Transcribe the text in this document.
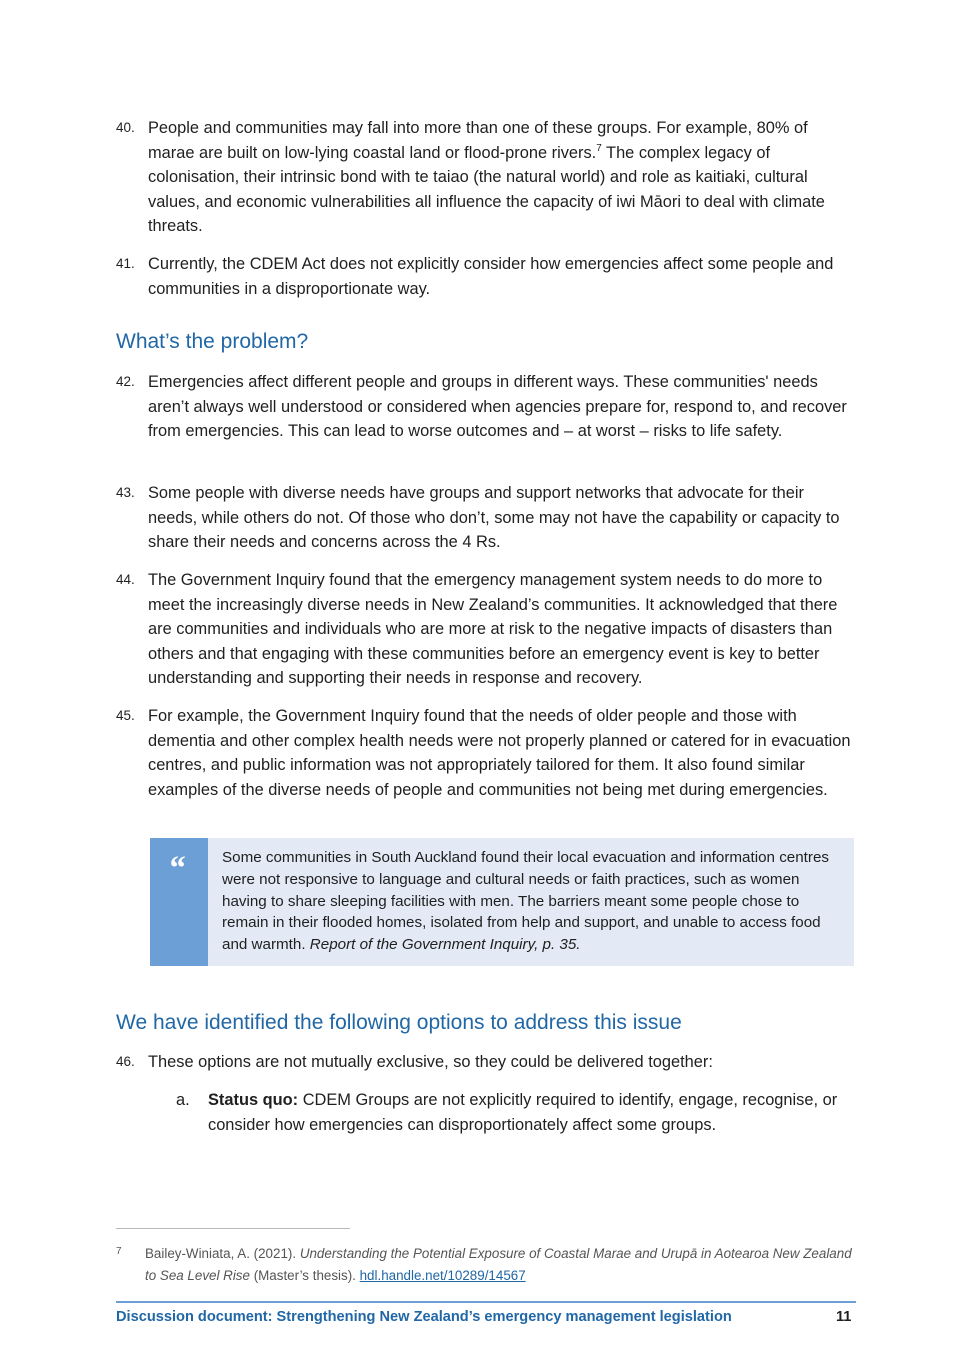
40. People and communities may fall into more than one of these groups. For example, 80% of marae are built on low-lying coastal land or flood-prone rivers.$^7$ The complex legacy of colonisation, their intrinsic bond with te taiao (the natural world) and role as kaitiaki, cultural values, and economic vulnerabilities all influence the capacity of iwi Māori to deal with climate threats.
41. Currently, the CDEM Act does not explicitly consider how emergencies affect some people and communities in a disproportionate way.
What’s the problem?
42. Emergencies affect different people and groups in different ways. These communities' needs aren’t always well understood or considered when agencies prepare for, respond to, and recover from emergencies. This can lead to worse outcomes and – at worst – risks to life safety.
43. Some people with diverse needs have groups and support networks that advocate for their needs, while others do not. Of those who don’t, some may not have the capability or capacity to share their needs and concerns across the 4 Rs.
44. The Government Inquiry found that the emergency management system needs to do more to meet the increasingly diverse needs in New Zealand’s communities. It acknowledged that there are communities and individuals who are more at risk to the negative impacts of disasters than others and that engaging with these communities before an emergency event is key to better understanding and supporting their needs in response and recovery.
45. For example, the Government Inquiry found that the needs of older people and those with dementia and other complex health needs were not properly planned or catered for in evacuation centres, and public information was not appropriately tailored for them. It also found similar examples of the diverse needs of people and communities not being met during emergencies.
“ Some communities in South Auckland found their local evacuation and information centres were not responsive to language and cultural needs or faith practices, such as women having to share sleeping facilities with men. The barriers meant some people chose to remain in their flooded homes, isolated from help and support, and unable to access food and warmth. Report of the Government Inquiry, p. 35.
We have identified the following options to address this issue
46. These options are not mutually exclusive, so they could be delivered together:
a. Status quo: CDEM Groups are not explicitly required to identify, engage, recognise, or consider how emergencies can disproportionately affect some groups.
7 Bailey-Winiata, A. (2021). Understanding the Potential Exposure of Coastal Marae and Urupā in Aotearoa New Zealand to Sea Level Rise (Master’s thesis). hdl.handle.net/10289/14567
Discussion document: Strengthening New Zealand’s emergency management legislation	11
